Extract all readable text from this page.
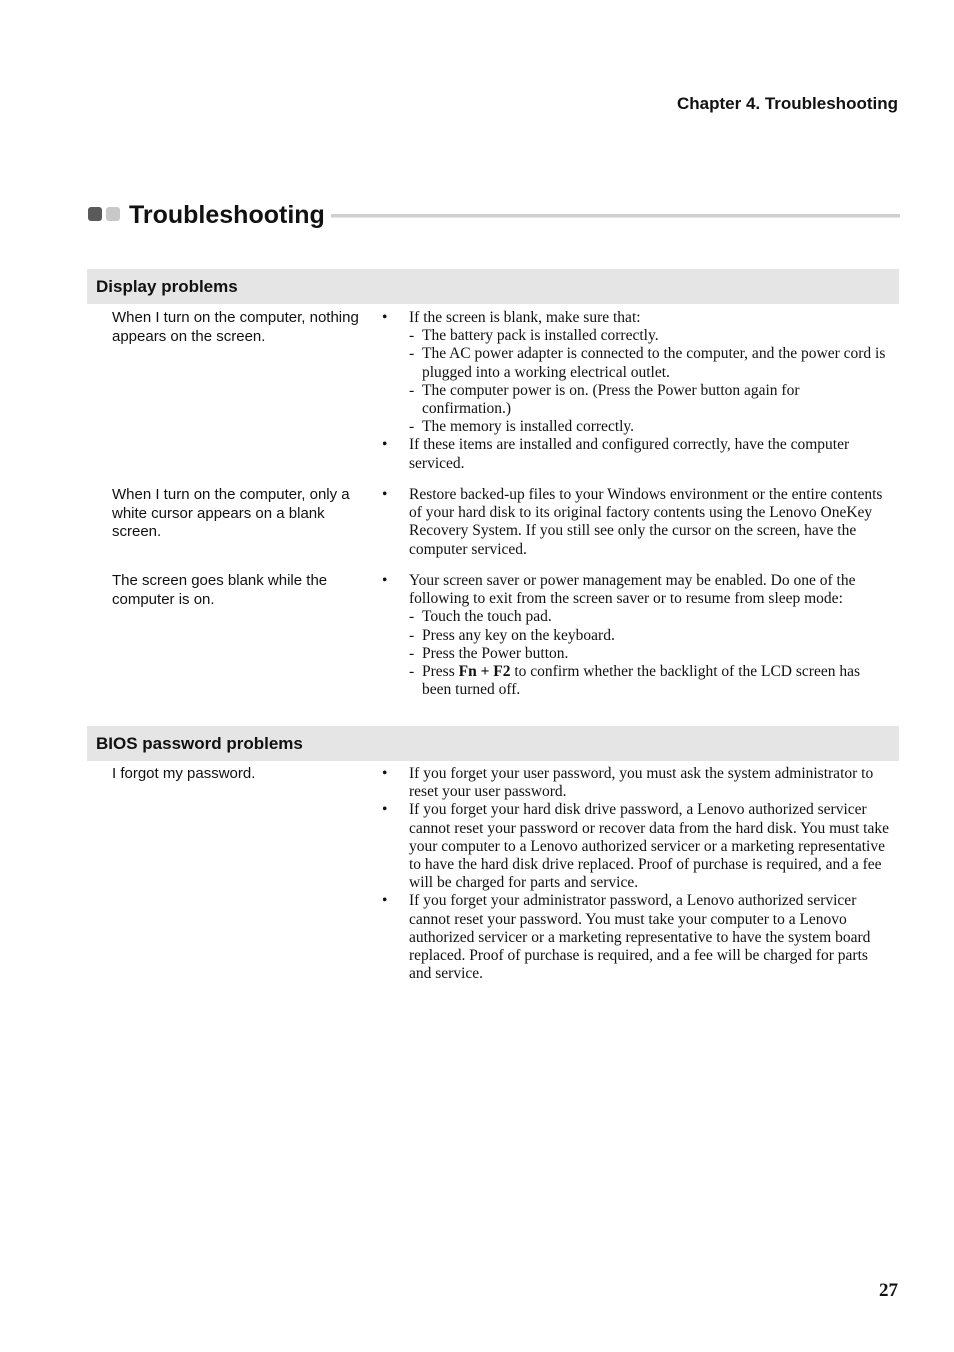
Chapter 4. Troubleshooting
Troubleshooting
Display problems
When I turn on the computer, nothing appears on the screen.
• If the screen is blank, make sure that:
- The battery pack is installed correctly.
- The AC power adapter is connected to the computer, and the power cord is plugged into a working electrical outlet.
- The computer power is on. (Press the Power button again for confirmation.)
- The memory is installed correctly.
• If these items are installed and configured correctly, have the computer serviced.
When I turn on the computer, only a white cursor appears on a blank screen.
• Restore backed-up files to your Windows environment or the entire contents of your hard disk to its original factory contents using the Lenovo OneKey Recovery System. If you still see only the cursor on the screen, have the computer serviced.
The screen goes blank while the computer is on.
• Your screen saver or power management may be enabled. Do one of the following to exit from the screen saver or to resume from sleep mode:
- Touch the touch pad.
- Press any key on the keyboard.
- Press the Power button.
- Press Fn + F2 to confirm whether the backlight of the LCD screen has been turned off.
BIOS password problems
I forgot my password.
•	If you forget your user password, you must ask the system administrator to reset your user password.
• If you forget your hard disk drive password, a Lenovo authorized servicer cannot reset your password or recover data from the hard disk. You must take your computer to a Lenovo authorized servicer or a marketing representative to have the hard disk drive replaced. Proof of purchase is required, and a fee will be charged for parts and service.
• If you forget your administrator password, a Lenovo authorized servicer cannot reset your password. You must take your computer to a Lenovo authorized servicer or a marketing representative to have the system board replaced. Proof of purchase is required, and a fee will be charged for parts and service.
27
